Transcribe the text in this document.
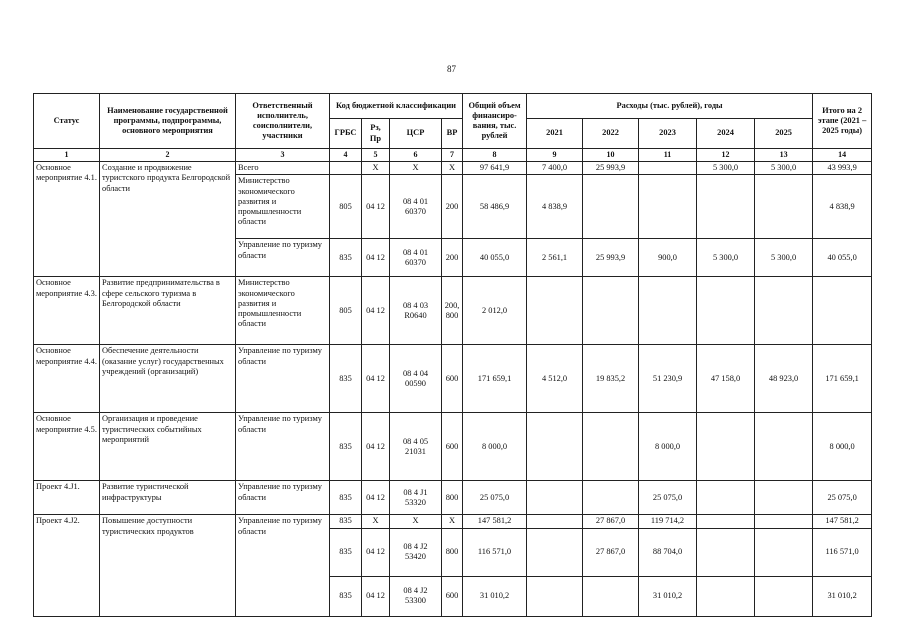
87
Статус	Наименование государственной программы, подпрограммы, основного мероприятия	Ответственный исполнитель, соисполнители, участники	Код бюджетной классификации				Общий объем финансиро-вания, тыс. рублей	Расходы (тыс. рублей), годы					Итого на 2 этапе (2021 – 2025 годы)
			ГРБС	Рз, Пр	ЦСР	ВР		2021	2022	2023	2024	2025	
1	2	3	4	5	6	7	8	9	10	11	12	13	14
Основное мероприятие 4.1.	Создание и продвижение туристского продукта Белгородской области	Всего		Х	Х	Х	97 641,9	7 400,0	25 993,9		5 300,0	5 300,0	43 993,9
		Министерство экономического развития и промышленности области	805	04 12	08 4 01 60370	200	58 486,9	4 838,9					4 838,9
		Управление по туризму области	835	04 12	08 4 01 60370	200	40 055,0	2 561,1	25 993,9	900,0	5 300,0	5 300,0	40 055,0
Основное мероприятие 4.3.	Развитие предпринимательства в сфере сельского туризма в Белгородской области	Министерство экономического развития и промышленности области	805	04 12	08 4 03 R0640	200, 800	2 012,0						
Основное мероприятие 4.4.	Обеспечение деятельности (оказание услуг) государственных учреждений (организаций)	Управление по туризму области	835	04 12	08 4 04 00590	600	171 659,1	4 512,0	19 835,2	51 230,9	47 158,0	48 923,0	171 659,1
Основное мероприятие 4.5.	Организация и проведение туристических событийных мероприятий	Управление по туризму области	835	04 12	08 4 05 21031	600	8 000,0			8 000,0			8 000,0
Проект 4.J1.	Развитие туристической инфраструктуры	Управление по туризму области	835	04 12	08 4 J1 53320	800	25 075,0			25 075,0			25 075,0
Проект 4.J2.	Повышение доступности туристических продуктов	Управление по туризму области	835	Х	Х	Х	147 581,2		27 867,0	119 714,2			147 581,2
			835	04 12	08 4 J2 53420	800	116 571,0		27 867,0	88 704,0			116 571,0
			835	04 12	08 4 J2 53300	600	31 010,2			31 010,2			31 010,2
